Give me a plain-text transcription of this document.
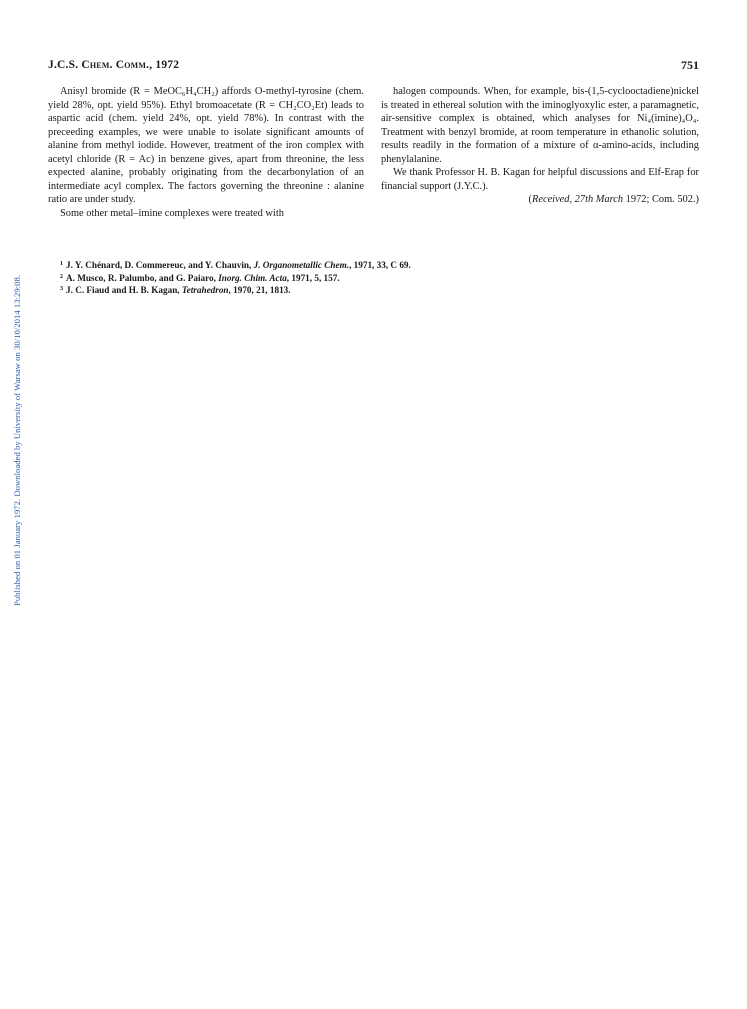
Published on 01 January 1972. Downloaded by University of Warsaw on 30/10/2014 13:29:08.
J.C.S. Chem. Comm., 1972	751

Anisyl bromide (R = MeOC₆H₄CH₂) affords O-methyl-tyrosine (chem. yield 28%, opt. yield 95%). Ethyl bromoacetate (R = CH₂CO₂Et) leads to aspartic acid (chem. yield 24%, opt. yield 78%). In contrast with the preceeding examples, we were unable to isolate significant amounts of alanine from methyl iodide. However, treatment of the iron complex with acetyl chloride (R = Ac) in benzene gives, apart from threonine, the less expected alanine, probably originating from the decarbonylation of an intermediate acyl complex. The factors governing the threonine : alanine ratio are under study.

Some other metal–imine complexes were treated with

halogen compounds. When, for example, bis-(1,5-cyclooctadiene)nickel is treated in ethereal solution with the iminoglyoxylic ester, a paramagnetic, air-sensitive complex is obtained, which analyses for Ni₄(imine)₄O₄. Treatment with benzyl bromide, at room temperature in ethanolic solution, results readily in the formation of a mixture of α-amino-acids, including phenylalanine.

We thank Professor H. B. Kagan for helpful discussions and Elf-Erap for financial support (J.Y.C.).

(Received, 27th March 1972; Com. 502.)

$^1$ J. Y. Chénard, D. Commereuc, and Y. Chauvin, J. Organometallic Chem., 1971, 33, C 69.
$^2$ A. Musco, R. Palumbo, and G. Paiaro, Inorg. Chim. Acta, 1971, 5, 157.
$^3$ J. C. Fiaud and H. B. Kagan, Tetrahedron, 1970, 21, 1813.
